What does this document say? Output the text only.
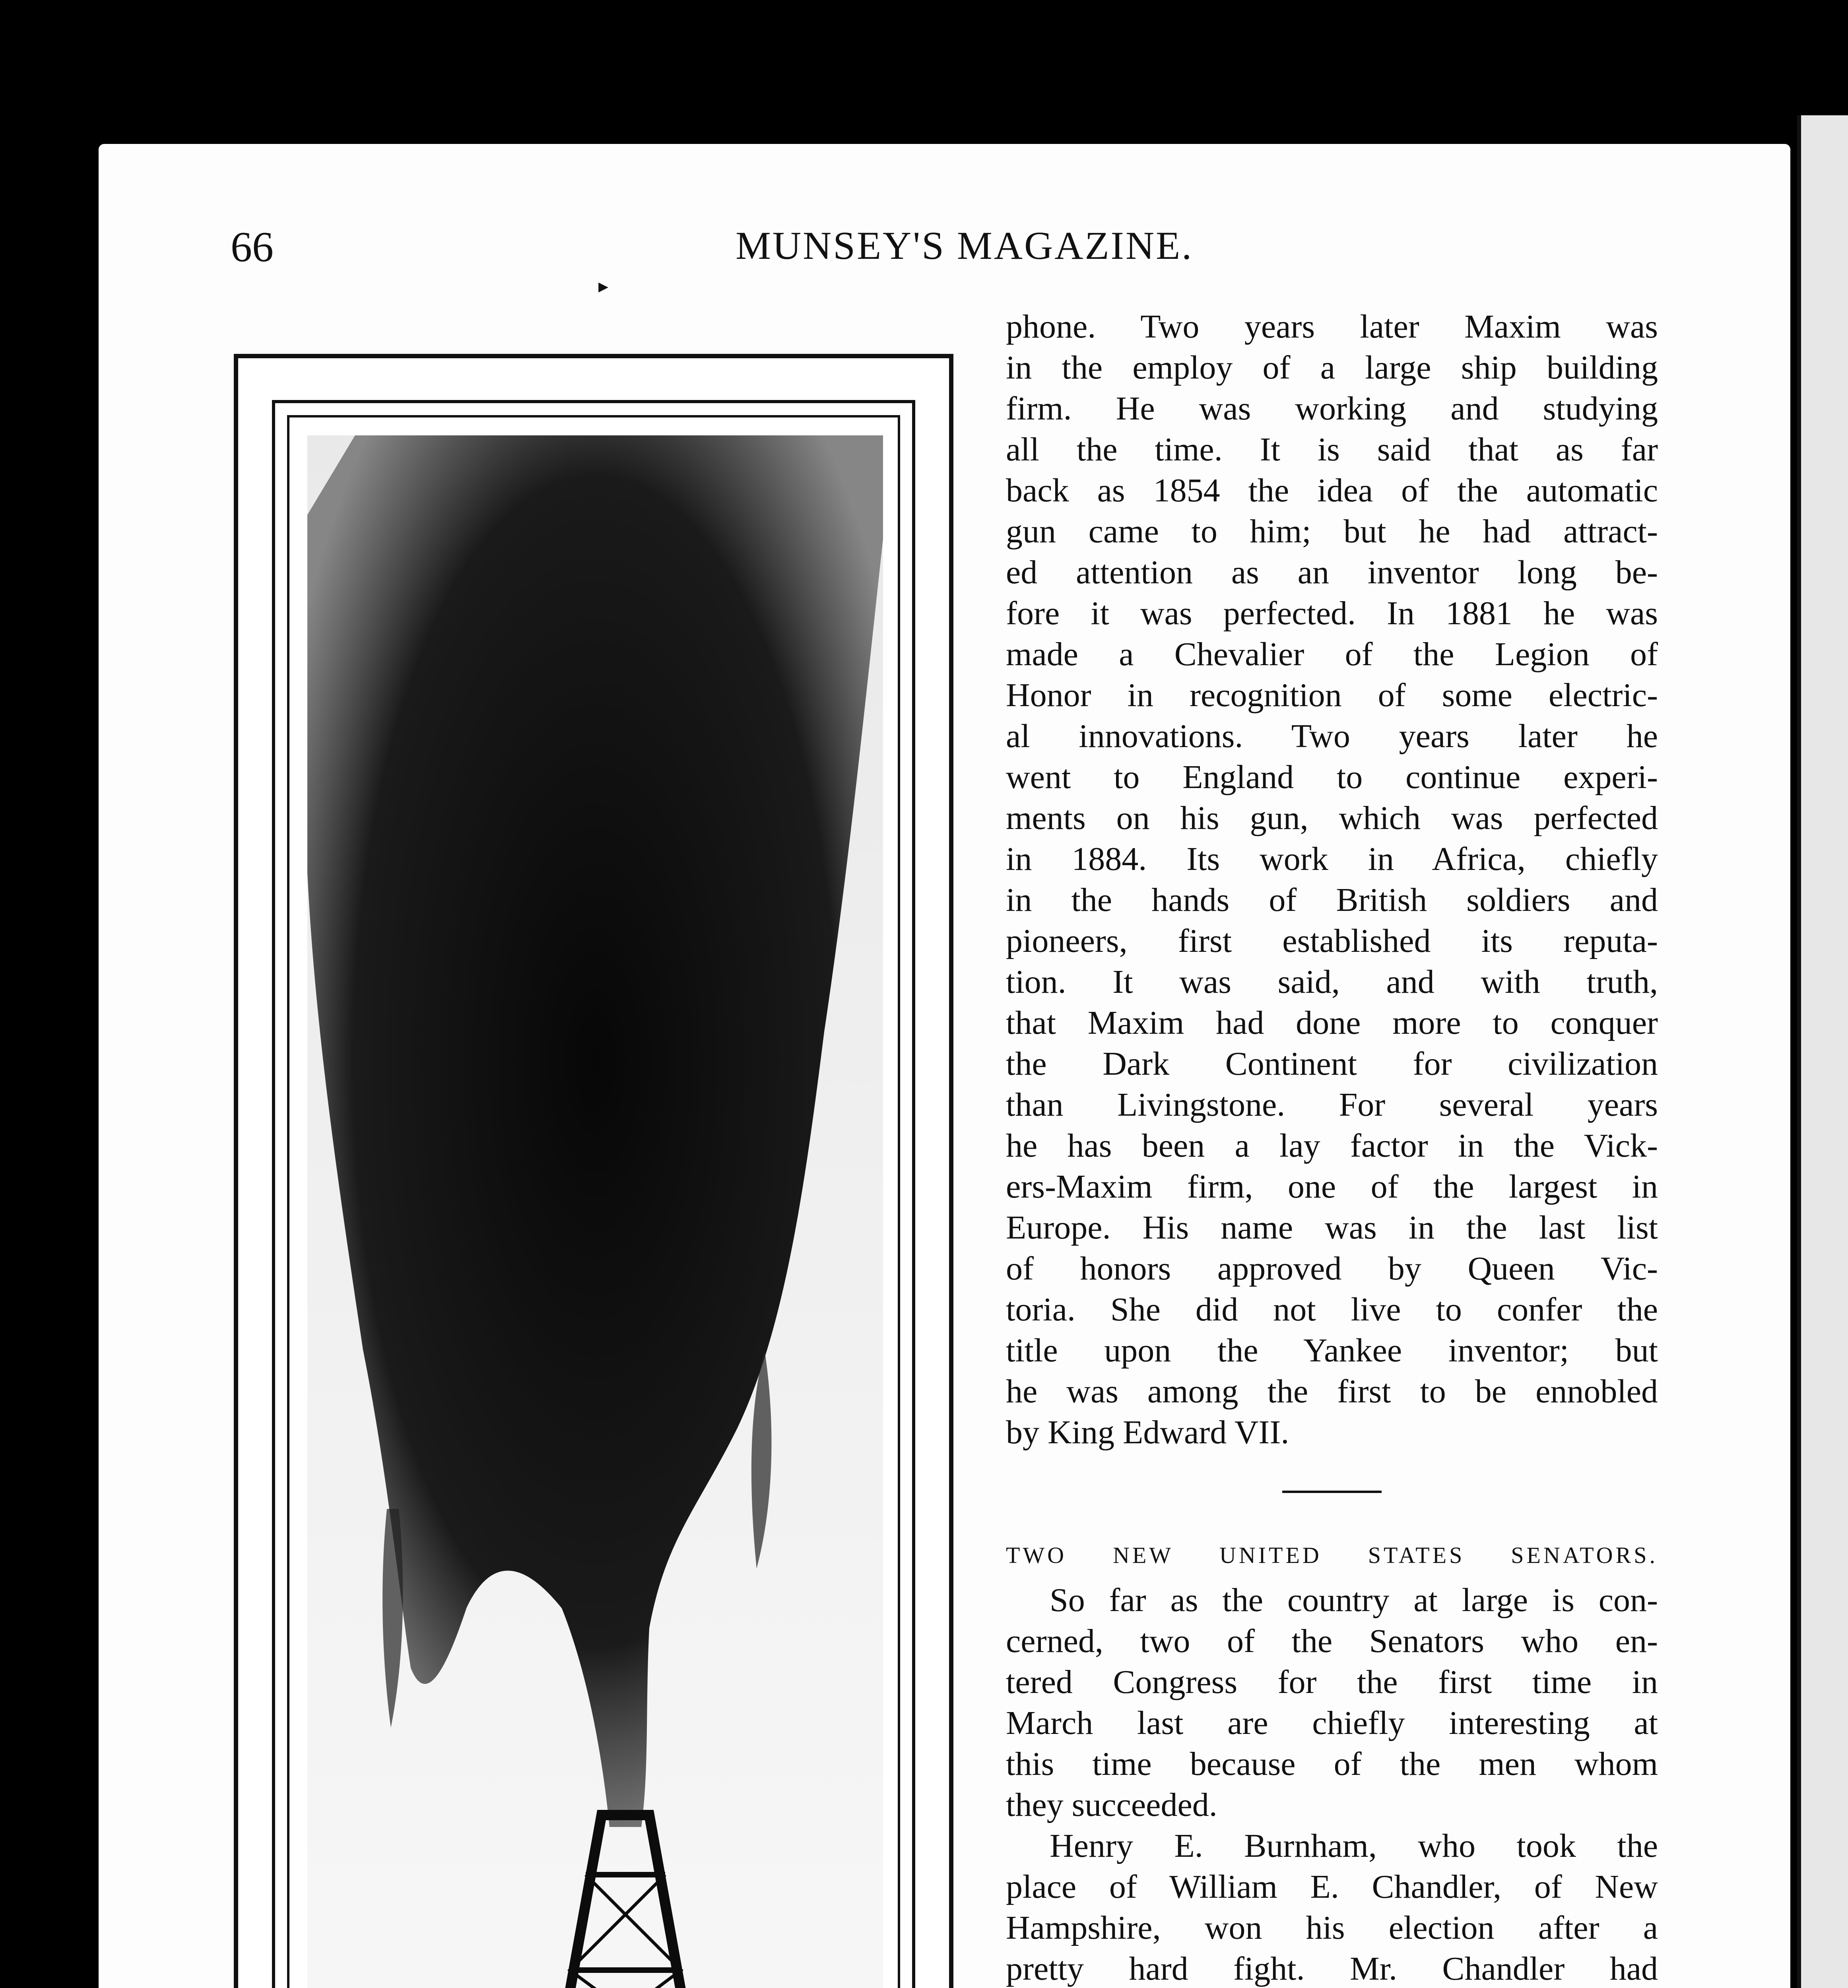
66	MUNSEY'S MAGAZINE.
▸
phone. Two years later Maxim was
in the employ of a large ship building
firm. He was working and studying
all the time. It is said that as far
back as 1854 the idea of the automatic
gun came to him; but he had attract-
ed attention as an inventor long be-
fore it was perfected. In 1881 he was
made a Chevalier of the Legion of
Honor in recognition of some electric-
al innovations. Two years later he
went to England to continue experi-
ments on his gun, which was perfected
in 1884. Its work in Africa, chiefly
in the hands of British soldiers and
pioneers, first established its reputa-
tion. It was said, and with truth,
that Maxim had done more to conquer
the Dark Continent for civilization
than Livingstone. For several years
he has been a lay factor in the Vick-
ers-Maxim firm, one of the largest in
Europe. His name was in the last list
of honors approved by Queen Vic-
toria. She did not live to confer the
title upon the Yankee inventor; but
he was among the first to be ennobled
by King Edward VII.
TWO NEW UNITED STATES SENATORS.
So far as the country at large is con-
cerned, two of the Senators who en-
tered Congress for the first time in
March last are chiefly interesting at
this time because of the men whom
they succeeded.
Henry E. Burnham, who took the
place of William E. Chandler, of New
Hampshire, won his election after a
pretty hard fight. Mr. Chandler had
